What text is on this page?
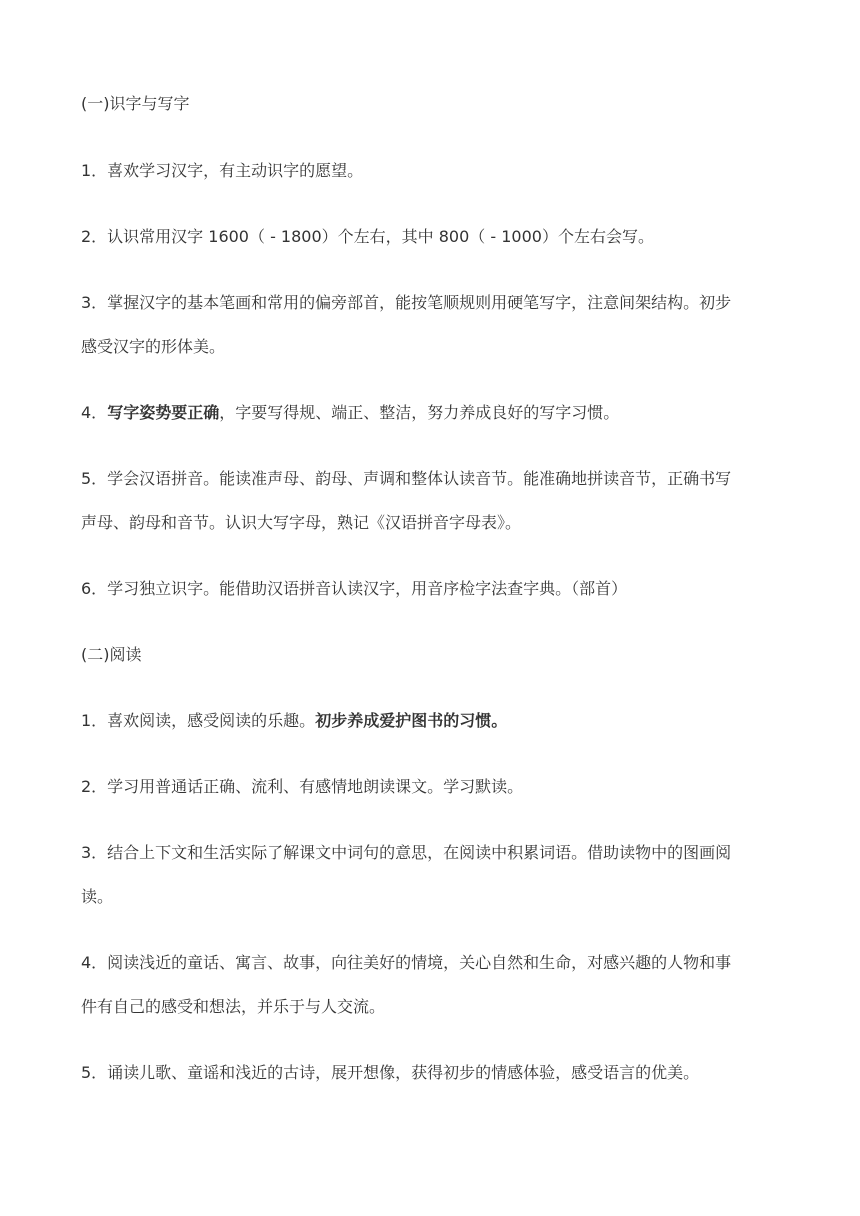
(一)识字与写字
1．喜欢学习汉字，有主动识字的愿望。
2．认识常用汉字 1600（ - 1800）个左右，其中 800（ - 1000）个左右会写。
3．掌握汉字的基本笔画和常用的偏旁部首，能按笔顺规则用硬笔写字，注意间架结构。初步
感受汉字的形体美。
4．写字姿势要正确，字要写得规、端正、整洁，努力养成良好的写字习惯。
5．学会汉语拼音。能读准声母、韵母、声调和整体认读音节。能准确地拼读音节，正确书写
声母、韵母和音节。认识大写字母，熟记《汉语拼音字母表》。
6．学习独立识字。能借助汉语拼音认读汉字，用音序检字法查字典。（部首）
(二)阅读
1．喜欢阅读，感受阅读的乐趣。初步养成爱护图书的习惯。
2．学习用普通话正确、流利、有感情地朗读课文。学习默读。
3．结合上下文和生活实际了解课文中词句的意思，在阅读中积累词语。借助读物中的图画阅
读。
4．阅读浅近的童话、寓言、故事，向往美好的情境，关心自然和生命，对感兴趣的人物和事
件有自己的感受和想法，并乐于与人交流。
5．诵读儿歌、童谣和浅近的古诗，展开想像，获得初步的情感体验，感受语言的优美。
